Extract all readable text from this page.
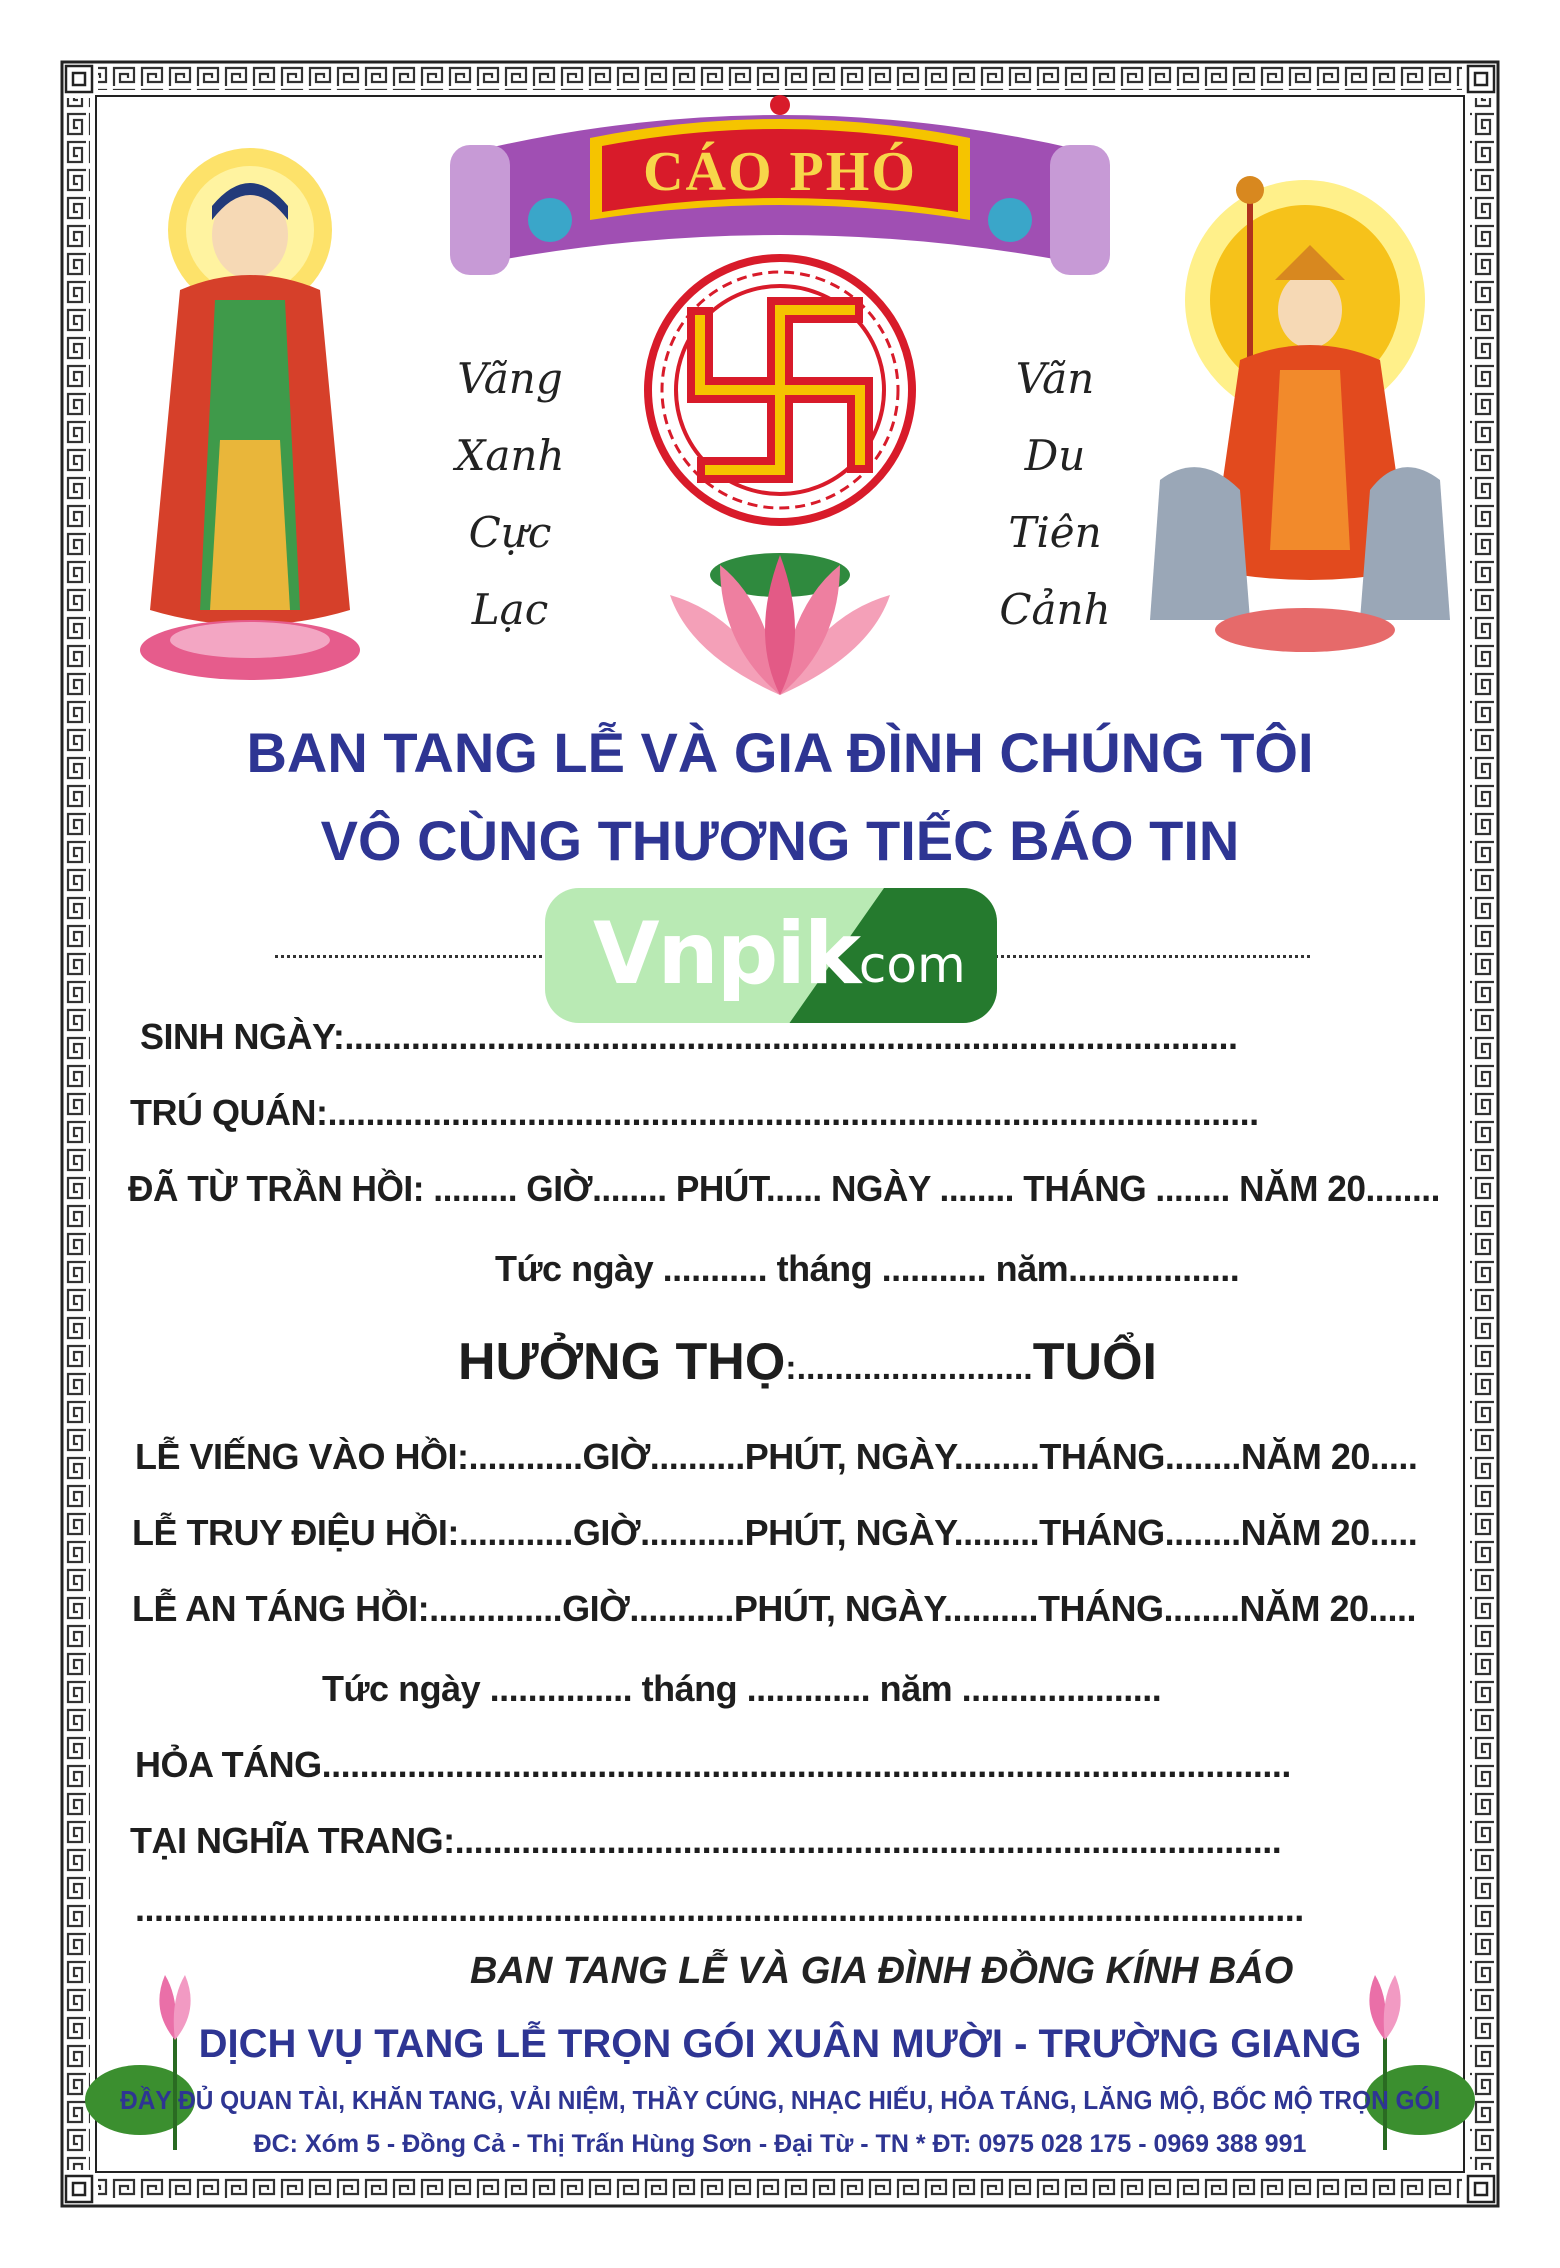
CÁO PHÓ
Vãng
Xanh
Cực
Lạc
Vãn
Du
Tiên
Cảnh
BAN TANG LỄ VÀ GIA ĐÌNH CHÚNG TÔI
VÔ CÙNG THƯƠNG TIẾC BÁO TIN
Vnpik
.com
SINH NGÀY:..............................................................................................
TRÚ QUÁN:..................................................................................................
ĐÃ TỪ TRẦN HỒI: ......... GIỜ........ PHÚT...... NGÀY ........ THÁNG ........ NĂM 20........
Tức ngày ........... tháng ........... năm..................
HƯỞNG THỌ:.........................TUỔI
LỄ VIẾNG VÀO HỒI:............GIỜ..........PHÚT, NGÀY.........THÁNG........NĂM 20.....
LỄ TRUY ĐIỆU HỒI:............GIỜ...........PHÚT, NGÀY.........THÁNG........NĂM 20.....
LỄ AN TÁNG HỒI:..............GIỜ...........PHÚT, NGÀY..........THÁNG........NĂM 20.....
Tức ngày ............... tháng ............. năm .....................
HỎA TÁNG......................................................................................................
TẠI NGHĨA TRANG:.......................................................................................
...........................................................................................................................
BAN TANG LỄ VÀ GIA ĐÌNH ĐỒNG KÍNH BÁO
DỊCH VỤ TANG LỄ TRỌN GÓI XUÂN MƯỜI - TRƯỜNG GIANG
ĐẦY ĐỦ QUAN TÀI, KHĂN TANG, VẢI NIỆM, THẦY CÚNG, NHẠC HIẾU, HỎA TÁNG, LĂNG MỘ, BỐC MỘ TRỌN GÓI
ĐC: Xóm 5 - Đồng Cả - Thị Trấn Hùng Sơn - Đại Từ - TN * ĐT: 0975 028 175 - 0969 388 991
